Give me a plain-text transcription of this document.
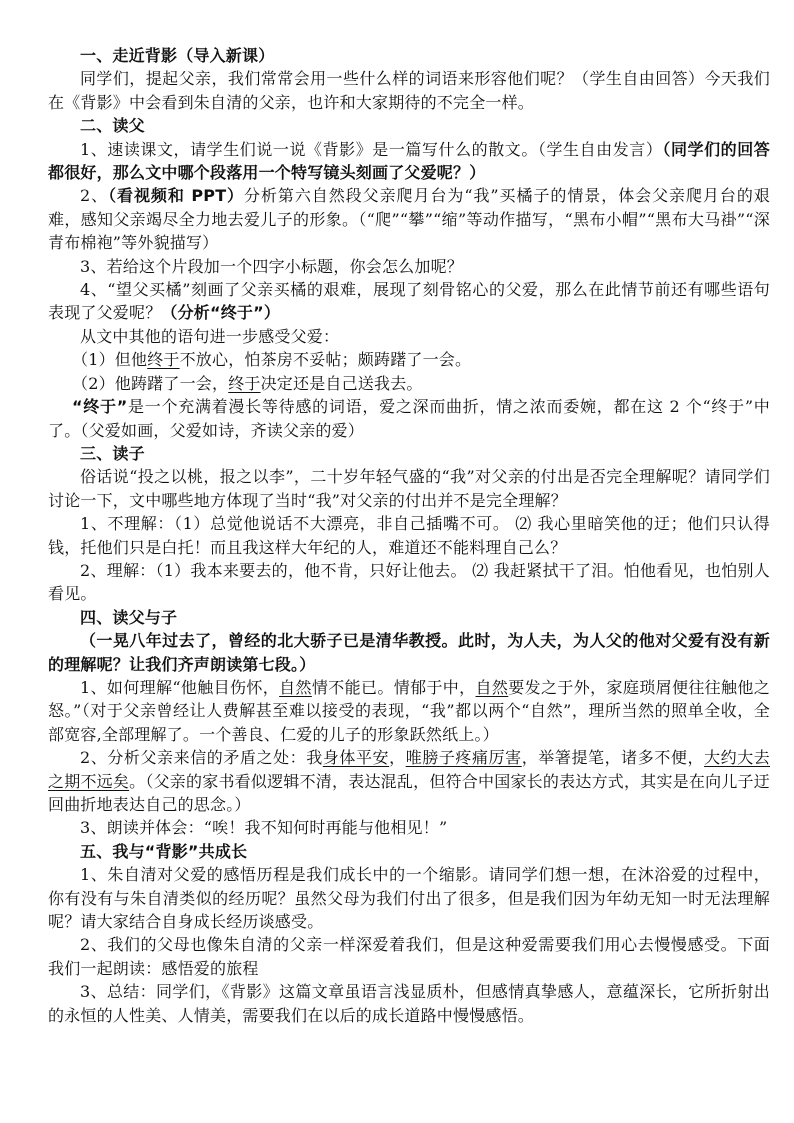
一、走近背影（导入新课）

同学们，提起父亲，我们常常会用一些什么样的词语来形容他们呢？（学生自由回答）今天我们在《背影》中会看到朱自清的父亲，也许和大家期待的不完全一样。

二、读父

1、速读课文，请学生们说一说《背影》是一篇写什么的散文。（学生自由发言）（同学们的回答都很好，那么文中哪个段落用一个特写镜头刻画了父爱呢？）

2、（看视频和 PPT）分析第六自然段父亲爬月台为“我”买橘子的情景，体会父亲爬月台的艰难，感知父亲竭尽全力地去爱儿子的形象。（“爬”“攀”“缩”等动作描写，“黑布小帽”“黑布大马褂”“深青布棉袍”等外貌描写）

3、若给这个片段加一个四字小标题，你会怎么加呢？

4、“望父买橘”刻画了父亲买橘的艰难，展现了刻骨铭心的父爱，那么在此情节前还有哪些语句表现了父爱呢？（分析“终于”）

从文中其他的语句进一步感受父爱：

（1）但他终于不放心，怕茶房不妥帖；颇踌躇了一会。

（2）他踌躇了一会，终于决定还是自己送我去。

“终于”是一个充满着漫长等待感的词语，爱之深而曲折，情之浓而委婉，都在这 2 个“终于”中了。（父爱如画，父爱如诗，齐读父亲的爱）

三、读子

俗话说“投之以桃，报之以李”，二十岁年轻气盛的“我”对父亲的付出是否完全理解呢？请同学们讨论一下，文中哪些地方体现了当时“我”对父亲的付出并不是完全理解？

1、不理解：（1）总觉他说话不大漂亮，非自己插嘴不可。 ⑵ 我心里暗笑他的迂；他们只认得钱，托他们只是白托！而且我这样大年纪的人，难道还不能料理自己么？

2、理解：（1）我本来要去的，他不肯，只好让他去。 ⑵ 我赶紧拭干了泪。怕他看见，也怕别人看见。

四、读父与子

（一晃八年过去了，曾经的北大骄子已是清华教授。此时，为人夫，为人父的他对父爱有没有新的理解呢？让我们齐声朗读第七段。）

1、如何理解“他触目伤怀，自然情不能已。情郁于中，自然要发之于外，家庭琐屑便往往触他之怒。”（对于父亲曾经让人费解甚至难以接受的表现，“我”都以两个“自然”，理所当然的照单全收，全部宽容,全部理解了。一个善良、仁爱的儿子的形象跃然纸上。）

2、分析父亲来信的矛盾之处：我身体平安，唯膀子疼痛厉害，举箸提笔，诸多不便，大约大去之期不远矣。（父亲的家书看似逻辑不清，表达混乱，但符合中国家长的表达方式，其实是在向儿子迂回曲折地表达自己的思念。）

3、朗读并体会：“唉！我不知何时再能与他相见！”

五、我与“背影”共成长

1、朱自清对父爱的感悟历程是我们成长中的一个缩影。请同学们想一想，在沐浴爱的过程中，你有没有与朱自清类似的经历呢？虽然父母为我们付出了很多，但是我们因为年幼无知一时无法理解呢？请大家结合自身成长经历谈感受。

2、我们的父母也像朱自清的父亲一样深爱着我们，但是这种爱需要我们用心去慢慢感受。下面我们一起朗读：感悟爱的旅程

3、总结：同学们，《背影》这篇文章虽语言浅显质朴，但感情真挚感人，意蕴深长，它所折射出的永恒的人性美、人情美，需要我们在以后的成长道路中慢慢感悟。
